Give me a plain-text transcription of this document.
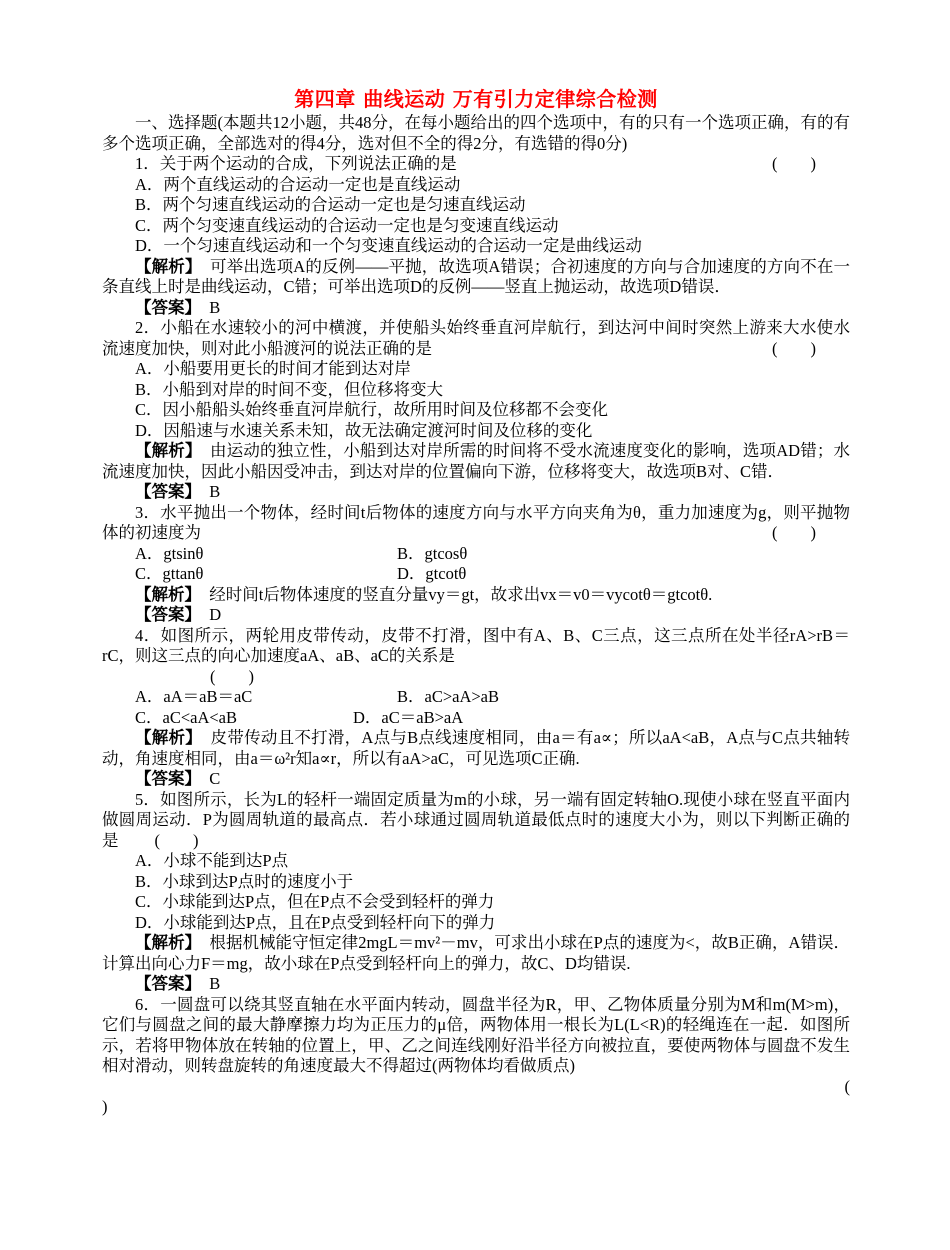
第四章 曲线运动 万有引力定律综合检测

一、选择题(本题共12小题，共48分，在每小题给出的四个选项中，有的只有一个选项正确，有的有多个选项正确，全部选对的得4分，选对但不全的得2分，有选错的得0分)

1．关于两个运动的合成，下列说法正确的是	(　　)

A．两个直线运动的合运动一定也是直线运动

B．两个匀速直线运动的合运动一定也是匀速直线运动

C．两个匀变速直线运动的合运动一定也是匀变速直线运动

D．一个匀速直线运动和一个匀变速直线运动的合运动一定是曲线运动

【解析】　可举出选项A的反例——平抛，故选项A错误；合初速度的方向与合加速度的方向不在一条直线上时是曲线运动，C错；可举出选项D的反例——竖直上抛运动，故选项D错误．

【答案】　B

2．小船在水速较小的河中横渡，并使船头始终垂直河岸航行，到达河中间时突然上游来大水使水流速度加快，则对此小船渡河的说法正确的是	(　　)

A．小船要用更长的时间才能到达对岸

B．小船到对岸的时间不变，但位移将变大

C．因小船船头始终垂直河岸航行，故所用时间及位移都不会变化

D．因船速与水速关系未知，故无法确定渡河时间及位移的变化

【解析】　由运动的独立性，小船到达对岸所需的时间将不受水流速度变化的影响，选项AD错；水流速度加快，因此小船因受冲击，到达对岸的位置偏向下游，位移将变大，故选项B对、C错．

【答案】　B

3．水平抛出一个物体，经时间t后物体的速度方向与水平方向夹角为θ，重力加速度为g，则平抛物体的初速度为	(　　)

A．gtsinθ	B．gtcosθ
C．gttanθ	D．gtcotθ

【解析】　经时间t后物体速度的竖直分量vy＝gt，故求出vx＝v0＝vycotθ＝gtcotθ.

【答案】　D

4．如图所示，两轮用皮带传动，皮带不打滑，图中有A、B、C三点，这三点所在处半径rA>rB＝rC，则这三点的向心加速度aA、aB、aC的关系是

(　　)

A．aA＝aB＝aC	B．aC>aA>aB
C．aC<aA<aB	D．aC＝aB>aA

【解析】　皮带传动且不打滑，A点与B点线速度相同，由a＝有a∝；所以aA<aB，A点与C点共轴转动，角速度相同，由a＝ω²r知a∝r，所以有aA>aC，可见选项C正确.

【答案】　C

5．如图所示，长为L的轻杆一端固定质量为m的小球，另一端有固定转轴O.现使小球在竖直平面内做圆周运动．P为圆周轨道的最高点．若小球通过圆周轨道最低点时的速度大小为，则以下判断正确的是 (　　)

A．小球不能到达P点

B．小球到达P点时的速度小于

C．小球能到达P点，但在P点不会受到轻杆的弹力

D．小球能到达P点，且在P点受到轻杆向下的弹力

【解析】　根据机械能守恒定律2mgL＝mv²－mv，可求出小球在P点的速度为<，故B正确，A错误．计算出向心力F＝mg，故小球在P点受到轻杆向上的弹力，故C、D均错误.

【答案】　B

6．一圆盘可以绕其竖直轴在水平面内转动，圆盘半径为R，甲、乙物体质量分别为M和m(M>m)，它们与圆盘之间的最大静摩擦力均为正压力的μ倍，两物体用一根长为L(L<R)的轻绳连在一起．如图所示，若将甲物体放在转轴的位置上，甲、乙之间连线刚好沿半径方向被拉直，要使两物体与圆盘不发生相对滑动，则转盘旋转的角速度最大不得超过(两物体均看做质点)

(

)
